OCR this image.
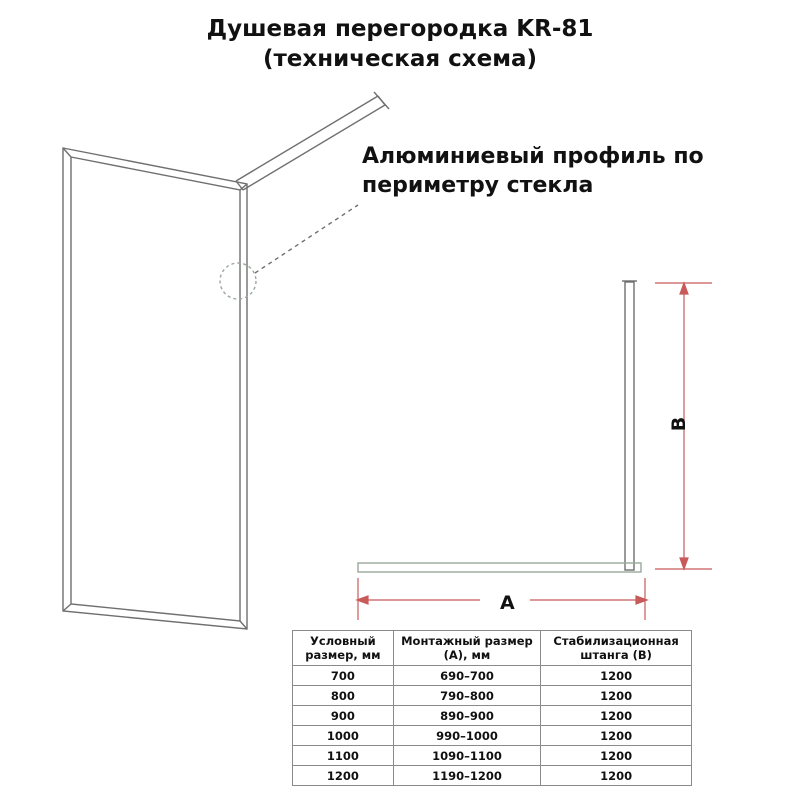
Душевая перегородка KR-81
(техническая схема)
Алюминиевый профиль по периметру стекла
B
A
Условный размер, мм	Монтажный размер (А), мм	Стабилизационная штанга (В)
700	690–700	1200
800	790–800	1200
900	890–900	1200
1000	990–1000	1200
1100	1090–1100	1200
1200	1190–1200	1200
